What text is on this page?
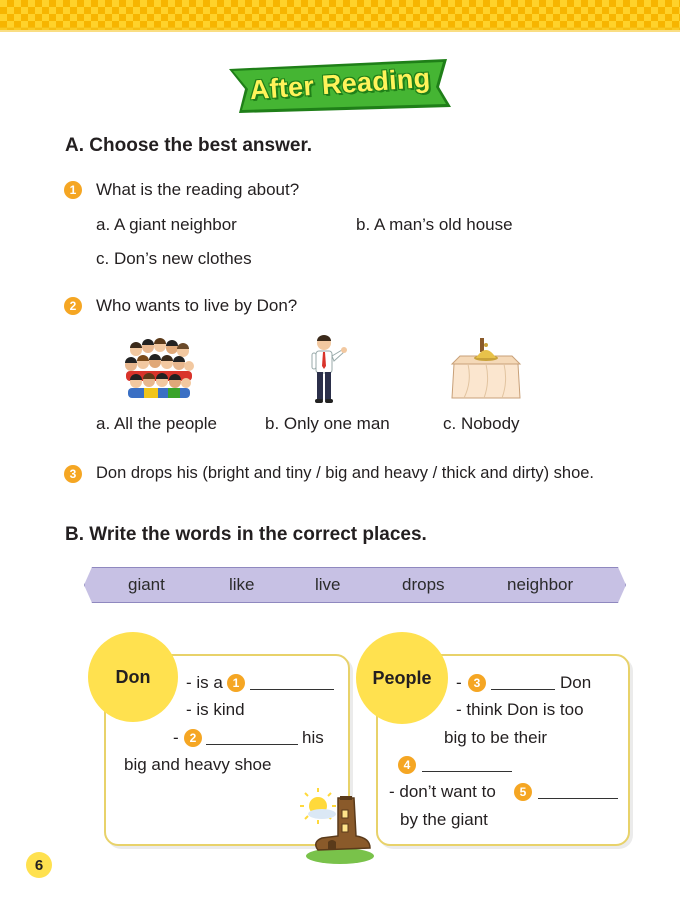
After Reading
A. Choose the best answer.
1	What is the reading about?
a. A giant neighbor	b. A man’s old house
c. Don’s new clothes
2	Who wants to live by Don?
a. All the people	b. Only one man	c. Nobody
3	Don drops his (bright and tiny / big and heavy / thick and dirty) shoe.
B. Write the words in the correct places.
giant	like	live	drops	neighbor
Don	- is a 1
- is kind
- 2	his
big and heavy shoe
People	- 3	Don
- think Don is too
big to be their
4
- don’t want to	5
by the giant
6
